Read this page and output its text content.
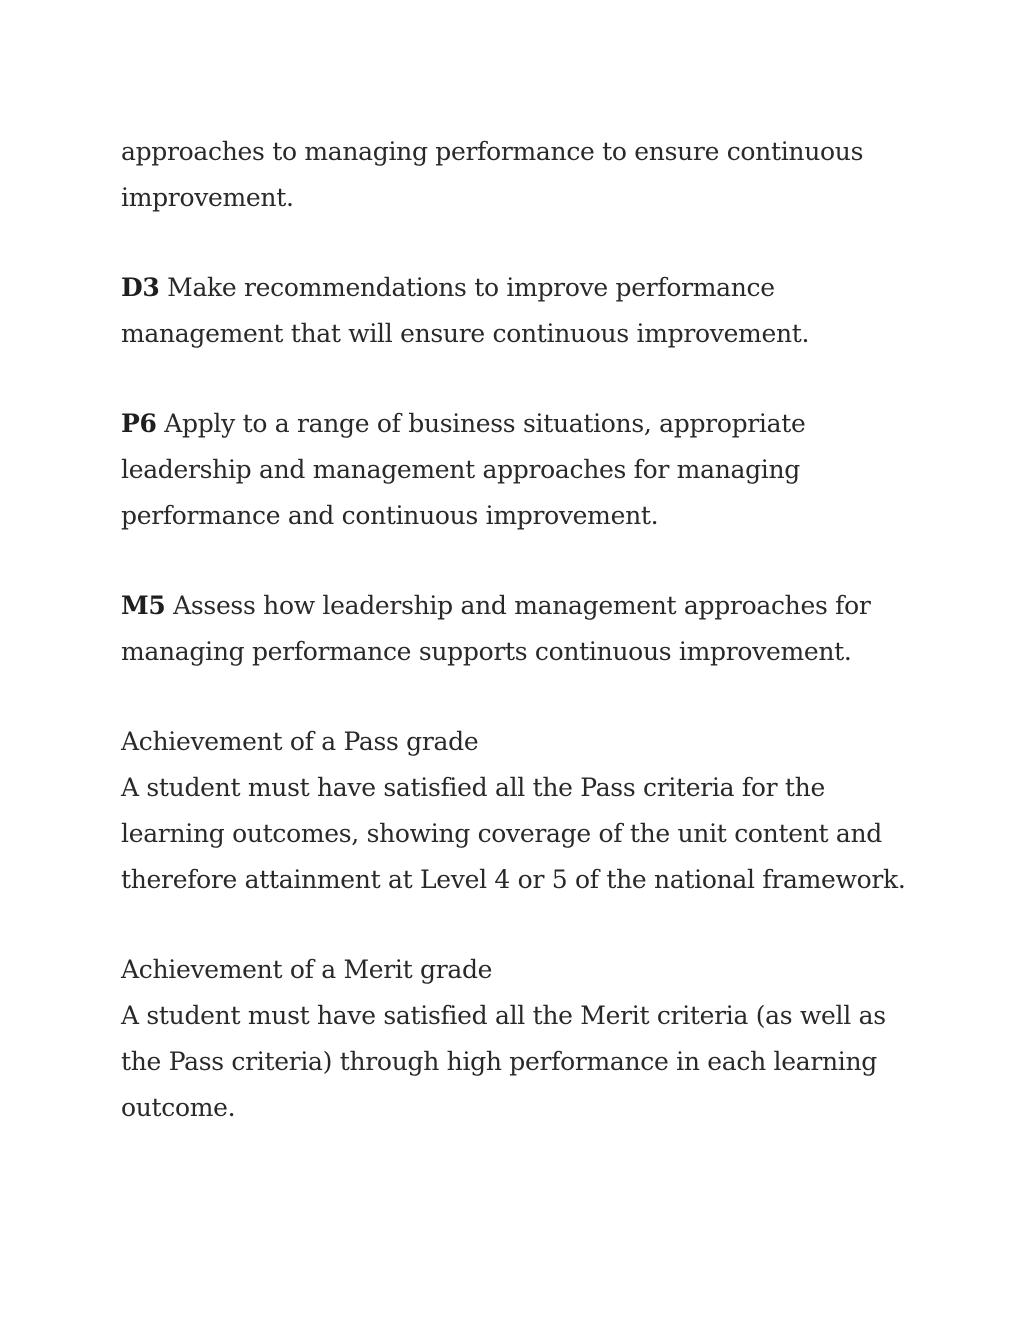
approaches to managing performance to ensure continuous improvement.

D3 Make recommendations to improve performance management that will ensure continuous improvement.

P6 Apply to a range of business situations, appropriate leadership and management approaches for managing performance and continuous improvement.

M5 Assess how leadership and management approaches for managing performance supports continuous improvement.

Achievement of a Pass grade
A student must have satisfied all the Pass criteria for the learning outcomes, showing coverage of the unit content and therefore attainment at Level 4 or 5 of the national framework.

Achievement of a Merit grade
A student must have satisfied all the Merit criteria (as well as the Pass criteria) through high performance in each learning outcome.
